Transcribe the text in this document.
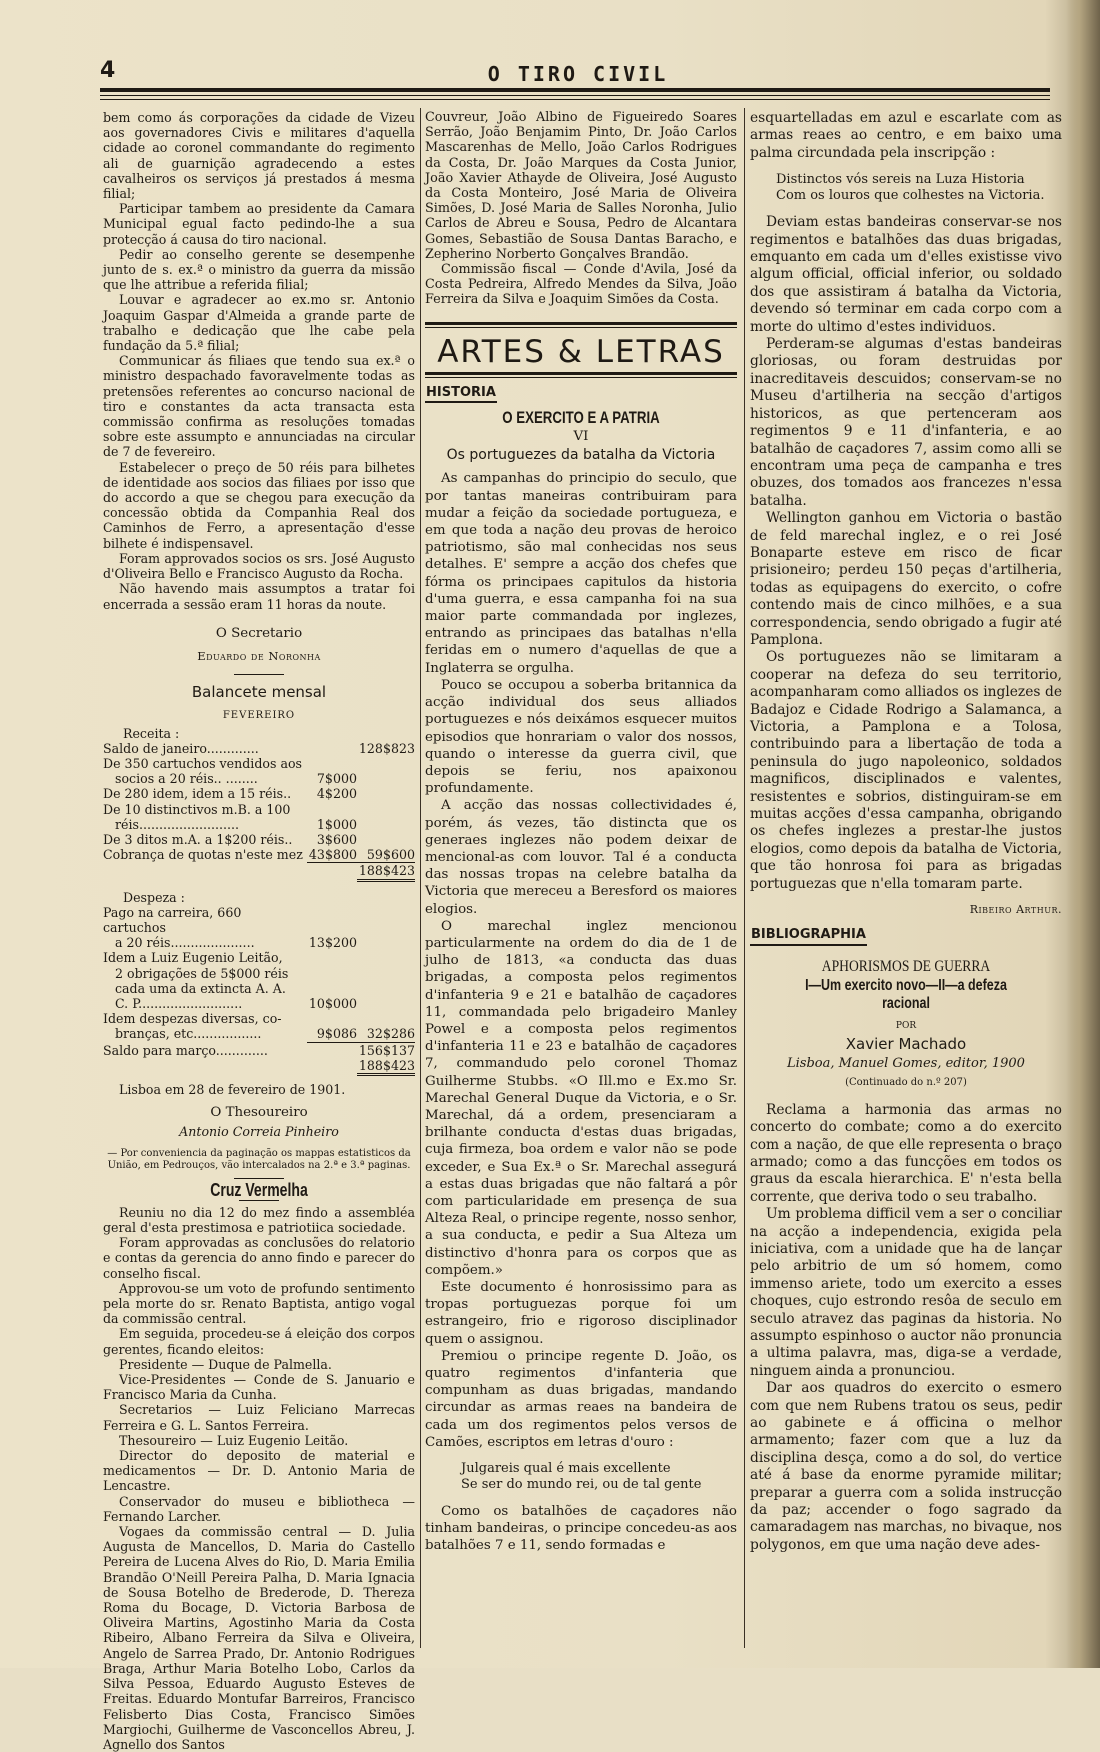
4	O TIRO CIVIL

bem como ás corporações da cidade de Vizeu aos governadores Civis e militares d'aquella cidade ao coronel commandante do regimento ali de guarnição agradecendo a estes cavalheiros os serviços já prestados á mesma filial;

Participar tambem ao presidente da Camara Municipal egual facto pedindo-lhe a sua protecção á causa do tiro nacional.

Pedir ao conselho gerente se desempenhe junto de s. ex.ª o ministro da guerra da missão que lhe attribue a referida filial;

Louvar e agradecer ao ex.mo sr. Antonio Joaquim Gaspar d'Almeida a grande parte de trabalho e dedicação que lhe cabe pela fundação da 5.ª filial;

Communicar ás filiaes que tendo sua ex.ª o ministro despachado favoravelmente todas as pretensões referentes ao concurso nacional de tiro e constantes da acta transacta esta commissão confirma as resoluções tomadas sobre este assumpto e annunciadas na circular de 7 de fevereiro.

Estabelecer o preço de 50 réis para bilhetes de identidade aos socios das filiaes por isso que do accordo a que se chegou para execução da concessão obtida da Companhia Real dos Caminhos de Ferro, a apresentação d'esse bilhete é indispensavel.

Foram approvados socios os srs. José Augusto d'Oliveira Bello e Francisco Augusto da Rocha.

Não havendo mais assumptos a tratar foi encerrada a sessão eram 11 horas da noute.

O Secretario

Eduardo de Noronha

Balancete mensal
FEVEREIRO
Receita :
Saldo de janeiro.............	128$823
De 350 cartuchos vendidos aos
socios a 20 réis.. ........	7$000
De 280 idem, idem a 15 réis..	4$200
De 10 distinctivos m.B. a 100
réis.........................	1$000
De 3 ditos m.A. a 1$200 réis..	3$600
Cobrança de quotas n'este mez 43$800 59$600
188$423
Despeza :
Pago na carreira, 660 cartuchos
a 20 réis.....................	13$200
Idem a Luiz Eugenio Leitão,
2 obrigações de 5$000 réis
cada uma da extincta A. A.
C. P..........................	10$000
Idem despezas diversas, co-
branças, etc.................	9$086 32$286
Saldo para março.............	156$137
188$423

Lisboa em 28 de fevereiro de 1901.

O Thesoureiro

Antonio Correia Pinheiro

— Por conveniencia da paginação os mappas estatisticos da União, em Pedrouços, vão intercalados na 2.ª e 3.ª paginas.

Cruz Vermelha

Reuniu no dia 12 do mez findo a assembléa geral d'esta prestimosa e patriotiica sociedade.

Foram approvadas as conclusões do relatorio e contas da gerencia do anno findo e parecer do conselho fiscal.

Approvou-se um voto de profundo sentimento pela morte do sr. Renato Baptista, antigo vogal da commissão central.

Em seguida, procedeu-se á eleição dos corpos gerentes, ficando eleitos:

Presidente — Duque de Palmella.

Vice-Presidentes — Conde de S. Januario e Francisco Maria da Cunha.

Secretarios — Luiz Feliciano Marrecas Ferreira e G. L. Santos Ferreira.

Thesoureiro — Luiz Eugenio Leitão.

Director do deposito de material e medicamentos — Dr. D. Antonio Maria de Lencastre.

Conservador do museu e bibliotheca — Fernando Larcher.

Vogaes da commissão central — D. Julia Augusta de Mancellos, D. Maria do Castello Pereira de Lucena Alves do Rio, D. Maria Emilia Brandão O'Neill Pereira Palha, D. Maria Ignacia de Sousa Botelho de Brederode, D. Thereza Roma du Bocage, D. Victoria Barbosa de Oliveira Martins, Agostinho Maria da Costa Ribeiro, Albano Ferreira da Silva e Oliveira, Angelo de Sarrea Prado, Dr. Antonio Rodrigues Braga, Arthur Maria Botelho Lobo, Carlos da Silva Pessoa, Eduardo Augusto Esteves de Freitas. Eduardo Montufar Barreiros, Francisco Felisberto Dias Costa, Francisco Simões Margiochi, Guilherme de Vasconcellos Abreu, J. Agnello dos Santos

Couvreur, João Albino de Figueiredo Soares Serrão, João Benjamim Pinto, Dr. João Carlos Mascarenhas de Mello, João Carlos Rodrigues da Costa, Dr. João Marques da Costa Junior, João Xavier Athayde de Oliveira, José Augusto da Costa Monteiro, José Maria de Oliveira Simões, D. José Maria de Salles Noronha, Julio Carlos de Abreu e Sousa, Pedro de Alcantara Gomes, Sebastião de Sousa Dantas Baracho, e Zepherino Norberto Gonçalves Brandão.

Commissão fiscal — Conde d'Avila, José da Costa Pedreira, Alfredo Mendes da Silva, João Ferreira da Silva e Joaquim Simões da Costa.

ARTES & LETRAS
HISTORIA
O EXERCITO E A PATRIA
VI
Os portuguezes da batalha da Victoria

As campanhas do principio do seculo, que por tantas maneiras contribuiram para mudar a feição da sociedade portugueza, e em que toda a nação deu provas de heroico patriotismo, são mal conhecidas nos seus detalhes. E' sempre a acção dos chefes que fórma os principaes capitulos da historia d'uma guerra, e essa campanha foi na sua maior parte commandada por inglezes, entrando as principaes das batalhas n'ella feridas em o numero d'aquellas de que a Inglaterra se orgulha.

Pouco se occupou a soberba britannica da acção individual dos seus alliados portuguezes e nós deixámos esquecer muitos episodios que honrariam o valor dos nossos, quando o interesse da guerra civil, que depois se feriu, nos apaixonou profundamente.

A acção das nossas collectividades é, porém, ás vezes, tão distincta que os generaes inglezes não podem deixar de mencional-as com louvor. Tal é a conducta das nossas tropas na celebre batalha da Victoria que mereceu a Beresford os maiores elogios.

O marechal inglez mencionou particularmente na ordem do dia de 1 de julho de 1813, «a conducta das duas brigadas, a composta pelos regimentos d'infanteria 9 e 21 e batalhão de caçadores 11, commandada pelo brigadeiro Manley Powel e a composta pelos regimentos d'infanteria 11 e 23 e batalhão de caçadores 7, commandudo pelo coronel Thomaz Guilherme Stubbs. «O Ill.mo e Ex.mo Sr. Marechal General Duque da Victoria, e o Sr. Marechal, dá a ordem, presenciaram a brilhante conducta d'estas duas brigadas, cuja firmeza, boa ordem e valor não se pode exceder, e Sua Ex.ª o Sr. Marechal assegurá a estas duas brigadas que não faltará a pôr com particularidade em presença de sua Alteza Real, o principe regente, nosso senhor, a sua conducta, e pedir a Sua Alteza um distinctivo d'honra para os corpos que as compõem.»

Este documento é honrosissimo para as tropas portuguezas porque foi um estrangeiro, frio e rigoroso disciplinador quem o assignou.

Premiou o principe regente D. João, os quatro regimentos d'infanteria que compunham as duas brigadas, mandando circundar as armas reaes na bandeira de cada um dos regimentos pelos versos de Camões, escriptos em letras d'ouro :

Julgareis qual é mais excellente
Se ser do mundo rei, ou de tal gente

Como os batalhões de caçadores não tinham bandeiras, o principe concedeu-as aos batalhões 7 e 11, sendo formadas e

esquartelladas em azul e escarlate com as armas reaes ao centro, e em baixo uma palma circundada pela inscripção :

Distinctos vós sereis na Luza Historia
Com os louros que colhestes na Victoria.

Deviam estas bandeiras conservar-se nos regimentos e batalhões das duas brigadas, emquanto em cada um d'elles existisse vivo algum official, official inferior, ou soldado dos que assistiram á batalha da Victoria, devendo só terminar em cada corpo com a morte do ultimo d'estes individuos.

Perderam-se algumas d'estas bandeiras gloriosas, ou foram destruidas por inacreditaveis descuidos; conservam-se no Museu d'artilheria na secção d'artigos historicos, as que pertenceram aos regimentos 9 e 11 d'infanteria, e ao batalhão de caçadores 7, assim como alli se encontram uma peça de campanha e tres obuzes, dos tomados aos francezes n'essa batalha.

Wellington ganhou em Victoria o bastão de feld marechal inglez, e o rei José Bonaparte esteve em risco de ficar prisioneiro; perdeu 150 peças d'artilheria, todas as equipagens do exercito, o cofre contendo mais de cinco milhões, e a sua correspondencia, sendo obrigado a fugir até Pamplona.

Os portuguezes não se limitaram a cooperar na defeza do seu territorio, acompanharam como alliados os inglezes de Badajoz e Cidade Rodrigo a Salamanca, a Victoria, a Pamplona e a Tolosa, contribuindo para a libertação de toda a peninsula do jugo napoleonico, soldados magnificos, disciplinados e valentes, resistentes e sobrios, distinguiram-se em muitas acções d'essa campanha, obrigando os chefes inglezes a prestar-lhe justos elogios, como depois da batalha de Victoria, que tão honrosa foi para as brigadas portuguezas que n'ella tomaram parte.

Ribeiro Arthur.

BIBLIOGRAPHIA
APHORISMOS DE GUERRA
I—Um exercito novo—II—a defeza racional
POR
Xavier Machado
Lisboa, Manuel Gomes, editor, 1900
(Continuado do n.º 207)

Reclama a harmonia das armas no concerto do combate; como a do exercito com a nação, de que elle representa o braço armado; como a das funcções em todos os graus da escala hierarchica. E' n'esta bella corrente, que deriva todo o seu trabalho.

Um problema difficil vem a ser o conciliar na acção a independencia, exigida pela iniciativa, com a unidade que ha de lançar pelo arbitrio de um só homem, como immenso ariete, todo um exercito a esses choques, cujo estrondo resôa de seculo em seculo atravez das paginas da historia. No assumpto espinhoso o auctor não pronuncia a ultima palavra, mas, diga-se a verdade, ninguem ainda a pronunciou.

Dar aos quadros do exercito o esmero com que nem Rubens tratou os seus, pedir ao gabinete e á officina o melhor armamento; fazer com que a luz da disciplina desça, como a do sol, do vertice até á base da enorme pyramide militar; preparar a guerra com a solida instrucção da paz; accender o fogo sagrado da camaradagem nas marchas, no bivaque, nos polygonos, em que uma nação deve ades-
